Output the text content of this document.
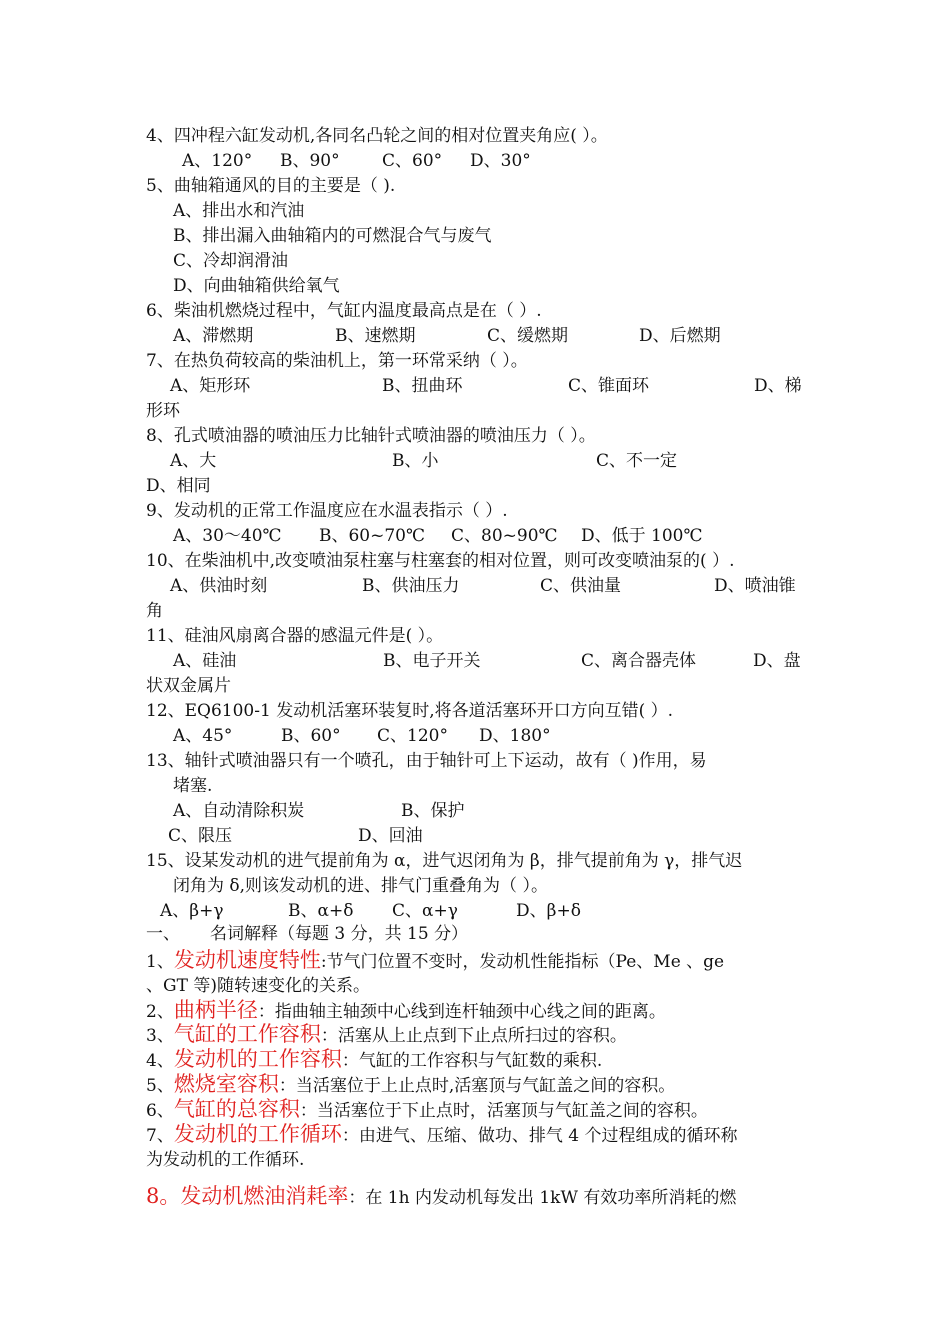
4、四冲程六缸发动机,各同名凸轮之间的相对位置夹角应( ）。
A、120°	B、90°	C、60°	D、30°
5、曲轴箱通风的目的主要是（ ).
A、排出水和汽油
B、排出漏入曲轴箱内的可燃混合气与废气
C、冷却润滑油
D、向曲轴箱供给氧气
6、柴油机燃烧过程中，气缸内温度最高点是在（ ）.
A、滞燃期	B、速燃期	C、缓燃期	D、后燃期
7、在热负荷较高的柴油机上，第一环常采纳（ ）。
A、矩形环	B、扭曲环	C、锥面环	D、梯
形环
8、孔式喷油器的喷油压力比轴针式喷油器的喷油压力（ ）。
A、大	B、小	C、不一定
D、相同
9、发动机的正常工作温度应在水温表指示（ ）.
A、30～40℃	B、60~70℃	C、80~90℃	D、低于 100℃
10、在柴油机中,改变喷油泵柱塞与柱塞套的相对位置，则可改变喷油泵的( ）.
A、供油时刻	B、供油压力	C、供油量	D、喷油锥
角
11、硅油风扇离合器的感温元件是( ）。
A、硅油	B、电子开关	C、离合器壳体	D、盘
状双金属片
12、EQ6100-1 发动机活塞环装复时,将各道活塞环开口方向互错( ）.
A、45°	B、60°	C、120°	D、180°
13、轴针式喷油器只有一个喷孔，由于轴针可上下运动，故有（ )作用，易
堵塞.
A、自动清除积炭	B、保护
C、限压	D、回油
15、设某发动机的进气提前角为 α，进气迟闭角为 β，排气提前角为 γ，排气迟
闭角为 δ,则该发动机的进、排气门重叠角为（ ）。
A、β+γ	B、α+δ	C、α+γ	D、β+δ
一、	名词解释（每题 3 分，共 15 分）
1、发动机速度特性:节气门位置不变时，发动机性能指标（Pe、Me 、ge
、GT 等)随转速变化的关系。
2、曲柄半径：指曲轴主轴颈中心线到连杆轴颈中心线之间的距离。
3、气缸的工作容积：活塞从上止点到下止点所扫过的容积。
4、发动机的工作容积：气缸的工作容积与气缸数的乘积.
5、燃烧室容积：当活塞位于上止点时,活塞顶与气缸盖之间的容积。
6、气缸的总容积：当活塞位于下止点时，活塞顶与气缸盖之间的容积。
7、发动机的工作循环：由进气、压缩、做功、排气 4 个过程组成的循环称
为发动机的工作循环.
8。发动机燃油消耗率：在 1h 内发动机每发出 1kW 有效功率所消耗的燃
